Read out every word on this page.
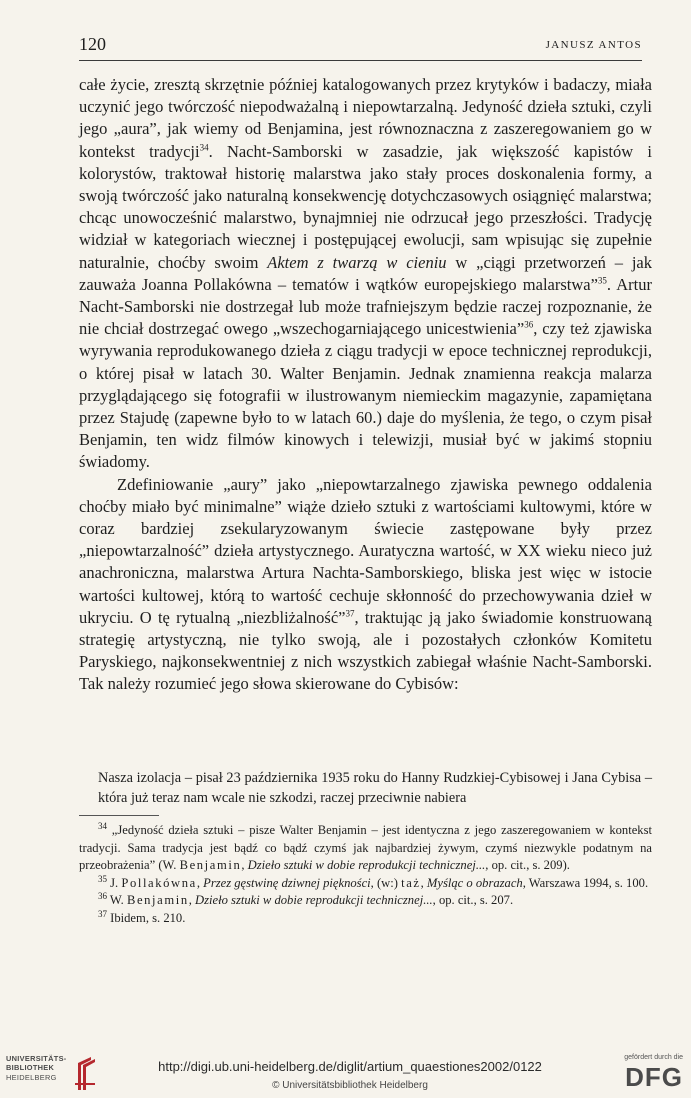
120	JANUSZ ANTOS

całe życie, zresztą skrzętnie później katalogowanych przez krytyków i badaczy, miała uczynić jego twórczość niepodważalną i niepowtarzalną. Jedyność dzieła sztuki, czyli jego „aura”, jak wiemy od Benjamina, jest równoznaczna z zaszeregowaniem go w kontekst tradycji$^{34}$. Nacht-Samborski w zasadzie, jak większość kapistów i kolorystów, traktował historię malarstwa jako stały proces doskonalenia formy, a swoją twórczość jako naturalną konsekwencję dotychczasowych osiągnięć malarstwa; chcąc unowocześnić malarstwo, bynajmniej nie odrzucał jego przeszłości. Tradycję widział w kategoriach wiecznej i postępującej ewolucji, sam wpisując się zupełnie naturalnie, choćby swoim Aktem z twarzą w cieniu w „ciągi przetworzeń – jak zauważa Joanna Pollakówna – tematów i wątków europejskiego malarstwa”$^{35}$. Artur Nacht-Samborski nie dostrzegał lub może trafniejszym będzie raczej rozpoznanie, że nie chciał dostrzegać owego „wszechogarniającego unicestwienia”$^{36}$, czy też zjawiska wyrywania reprodukowanego dzieła z ciągu tradycji w epoce technicznej reprodukcji, o której pisał w latach 30. Walter Benjamin. Jednak znamienna reakcja malarza przyglądającego się fotografii w ilustrowanym niemieckim magazynie, zapamiętana przez Stajudę (zapewne było to w latach 60.) daje do myślenia, że tego, o czym pisał Benjamin, ten widz filmów kinowych i telewizji, musiał być w jakimś stopniu świadomy.

Zdefiniowanie „aury” jako „niepowtarzalnego zjawiska pewnego oddalenia choćby miało być minimalne” wiąże dzieło sztuki z wartościami kultowymi, które w coraz bardziej zsekularyzowanym świecie zastępowane były przez „niepowtarzalność” dzieła artystycznego. Auratyczna wartość, w XX wieku nieco już anachroniczna, malarstwa Artura Nachta-Samborskiego, bliska jest więc w istocie wartości kultowej, którą to wartość cechuje skłonność do przechowywania dzieł w ukryciu. O tę rytualną „niezbliżalność”$^{37}$, traktując ją jako świadomie konstruowaną strategię artystyczną, nie tylko swoją, ale i pozostałych członków Komitetu Paryskiego, najkonsekwentniej z nich wszystkich zabiegał właśnie Nacht-Samborski. Tak należy rozumieć jego słowa skierowane do Cybisów:

Nasza izolacja – pisał 23 października 1935 roku do Hanny Rudzkiej-Cybisowej i Jana Cybisa – która już teraz nam wcale nie szkodzi, raczej przeciwnie nabiera

$^{34}$ „Jedyność dzieła sztuki – pisze Walter Benjamin – jest identyczna z jego zaszeregowaniem w kontekst tradycji. Sama tradycja jest bądź co bądź czymś jak najbardziej żywym, czymś niezwykle podatnym na przeobrażenia” (W. Benjamin, Dzieło sztuki w dobie reprodukcji technicznej..., op. cit., s. 209).

$^{35}$ J. Pollakówna, Przez gęstwinę dziwnej piękności, (w:) taż, Myśląc o obrazach, Warszawa 1994, s. 100.

$^{36}$ W. Benjamin, Dzieło sztuki w dobie reprodukcji technicznej..., op. cit., s. 207.

$^{37}$ Ibidem, s. 210.

UNIVERSITÄTS-
BIBLIOTHEK
HEIDELBERG
http://digi.ub.uni-heidelberg.de/diglit/artium_quaestiones2002/0122
© Universitätsbibliothek Heidelberg
gefördert durch die
DFG
